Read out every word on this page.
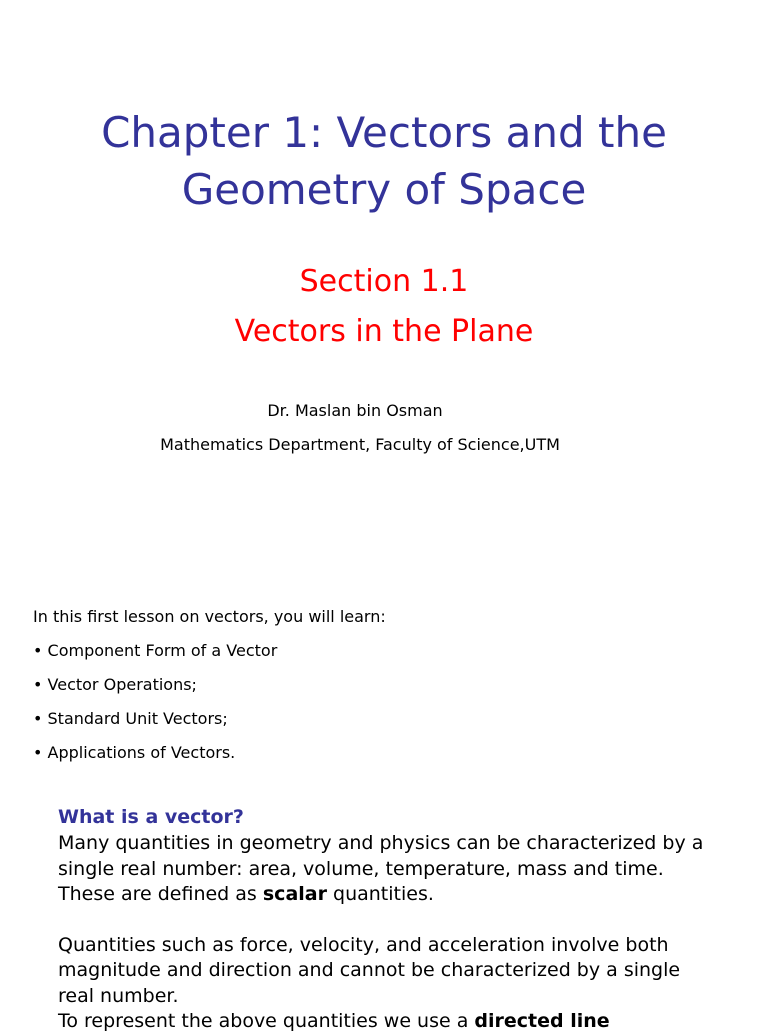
Chapter 1: Vectors and the
Geometry of Space
Section 1.1
Vectors in the Plane
Dr. Maslan bin Osman
Mathematics Department, Faculty of Science,UTM
In this first lesson on vectors, you will learn:
• Component Form of a Vector
• Vector Operations;
• Standard Unit Vectors;
• Applications of Vectors.
What is a vector?

Many quantities in geometry and physics can be characterized by a single real number: area, volume, temperature, mass and time. These are defined as scalar quantities.

Quantities such as force, velocity, and acceleration involve both magnitude and direction and cannot be characterized by a single real number.

To represent the above quantities we use a directed line
